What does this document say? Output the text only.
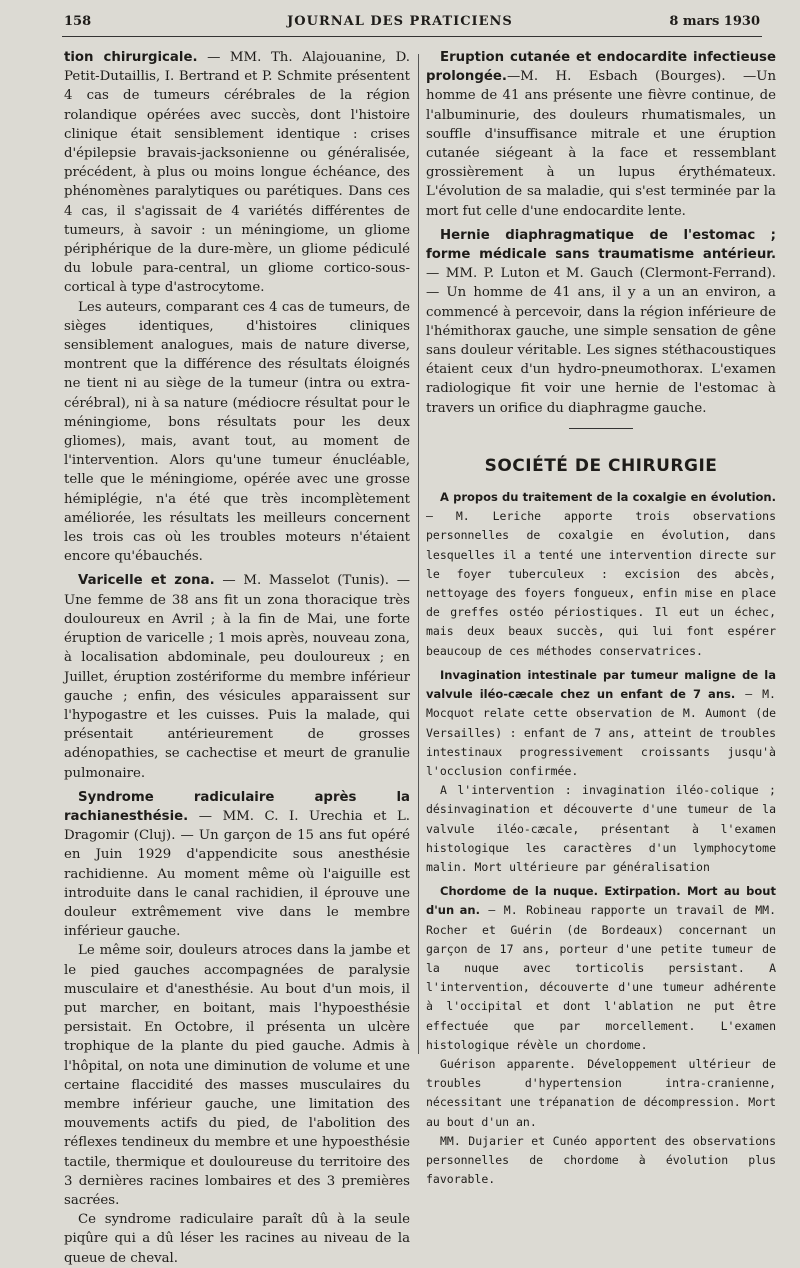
158	JOURNAL DES PRATICIENS	8 mars 1930

tion chirurgicale. — MM. Th. Alajouanine, D. Petit-Dutaillis, I. Bertrand et P. Schmite présentent 4 cas de tumeurs cérébrales de la région rolandique opérées avec succès, dont l'histoire clinique était sensiblement identique : crises d'épilepsie bravais-jacksonienne ou généralisée, précédent, à plus ou moins longue échéance, des phénomènes paralytiques ou parétiques. Dans ces 4 cas, il s'agissait de 4 variétés différentes de tumeurs, à savoir : un méningiome, un gliome périphérique de la dure-mère, un gliome pédiculé du lobule para-central, un gliome cortico-sous-cortical à type d'astrocytome.

Les auteurs, comparant ces 4 cas de tumeurs, de sièges identiques, d'histoires cliniques sensiblement analogues, mais de nature diverse, montrent que la différence des résultats éloignés ne tient ni au siège de la tumeur (intra ou extra-cérébral), ni à sa nature (médiocre résultat pour le méningiome, bons résultats pour les deux gliomes), mais, avant tout, au moment de l'intervention. Alors qu'une tumeur énucléable, telle que le méningiome, opérée avec une grosse hémiplégie, n'a été que très incomplètement améliorée, les résultats les meilleurs concernent les trois cas où les troubles moteurs n'étaient encore qu'ébauchés.

Varicelle et zona. — M. Masselot (Tunis). — Une femme de 38 ans fit un zona thoracique très douloureux en Avril ; à la fin de Mai, une forte éruption de varicelle ; 1 mois après, nouveau zona, à localisation abdominale, peu douloureux ; en Juillet, éruption zostériforme du membre inférieur gauche ; enfin, des vésicules apparaissent sur l'hypogastre et les cuisses. Puis la malade, qui présentait antérieurement de grosses adénopathies, se cachectise et meurt de granulie pulmonaire.

Syndrome radiculaire après la rachianesthésie. — MM. C. I. Urechia et L. Dragomir (Cluj). — Un garçon de 15 ans fut opéré en Juin 1929 d'appendicite sous anesthésie rachidienne. Au moment même où l'aiguille est introduite dans le canal rachidien, il éprouve une douleur extrêmement vive dans le membre inférieur gauche.

Le même soir, douleurs atroces dans la jambe et le pied gauches accompagnées de paralysie musculaire et d'anesthésie. Au bout d'un mois, il put marcher, en boitant, mais l'hypoesthésie persistait. En Octobre, il présenta un ulcère trophique de la plante du pied gauche. Admis à l'hôpital, on nota une diminution de volume et une certaine flaccidité des masses musculaires du membre inférieur gauche, une limitation des mouvements actifs du pied, de l'abolition des réflexes tendineux du membre et une hypoesthésie tactile, thermique et douloureuse du territoire des 3 dernières racines lombaires et des 3 premières sacrées.

Ce syndrome radiculaire paraît dû à la seule piqûre qui a dû léser les racines au niveau de la queue de cheval.

Eruption cutanée et endocardite infectieuse prolongée.—M. H. Esbach (Bourges). —Un homme de 41 ans présente une fièvre continue, de l'albuminurie, des douleurs rhumatismales, un souffle d'insuffisance mitrale et une éruption cutanée siégeant à la face et ressemblant grossièrement à un lupus érythémateux. L'évolution de sa maladie, qui s'est terminée par la mort fut celle d'une endocardite lente.

Hernie diaphragmatique de l'estomac ; forme médicale sans traumatisme antérieur. — MM. P. Luton et M. Gauch (Clermont-Ferrand). — Un homme de 41 ans, il y a un an environ, a commencé à percevoir, dans la région inférieure de l'hémithorax gauche, une simple sensation de gêne sans douleur véritable. Les signes stéthacoustiques étaient ceux d'un hydro-pneumothorax. L'examen radiologique fit voir une hernie de l'estomac à travers un orifice du diaphragme gauche.

SOCIÉTÉ DE CHIRURGIE

A propos du traitement de la coxalgie en évolution. — M. Leriche apporte trois observations personnelles de coxalgie en évolution, dans lesquelles il a tenté une intervention directe sur le foyer tuberculeux : excision des abcès, nettoyage des foyers fongueux, enfin mise en place de greffes ostéo périostiques. Il eut un échec, mais deux beaux succès, qui lui font espérer beaucoup de ces méthodes conservatrices.

Invagination intestinale par tumeur maligne de la valvule iléo-cæcale chez un enfant de 7 ans. — M. Mocquot relate cette observation de M. Aumont (de Versailles) : enfant de 7 ans, atteint de troubles intestinaux progressivement croissants jusqu'à l'occlusion confirmée.

A l'intervention : invagination iléo-colique ; désinvagination et découverte d'une tumeur de la valvule iléo-cæcale, présentant à l'examen histologique les caractères d'un lymphocytome malin. Mort ultérieure par généralisation

Chordome de la nuque. Extirpation. Mort au bout d'un an. — M. Robineau rapporte un travail de MM. Rocher et Guérin (de Bordeaux) concernant un garçon de 17 ans, porteur d'une petite tumeur de la nuque avec torticolis persistant. A l'intervention, découverte d'une tumeur adhérente à l'occipital et dont l'ablation ne put être effectuée que par morcellement. L'examen histologique révèle un chordome.

Guérison apparente. Développement ultérieur de troubles d'hypertension intra-cranienne, nécessitant une trépanation de décompression. Mort au bout d'un an.

MM. Dujarier et Cunéo apportent des observations personnelles de chordome à évolution plus favorable.
